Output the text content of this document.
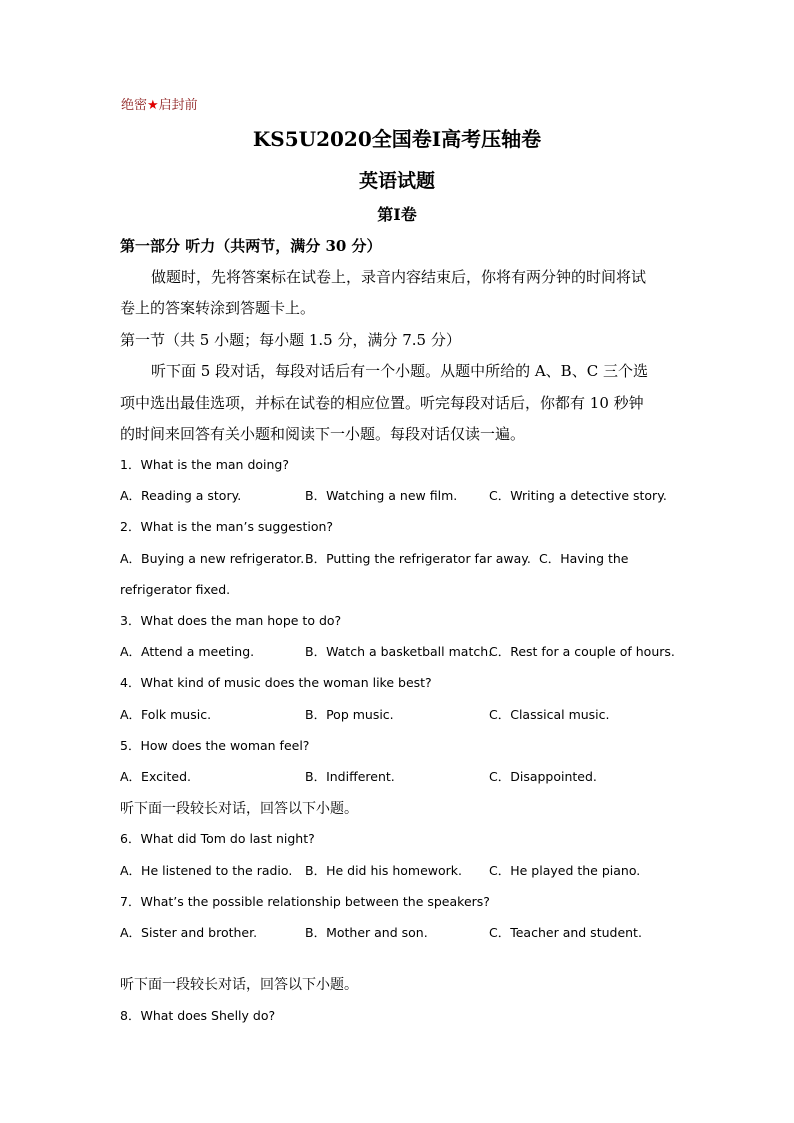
绝密★启封前
KS5U2020全国卷Ⅰ高考压轴卷
英语试题
第Ⅰ卷
第一部分 听力（共两节，满分 30 分）
做题时，先将答案标在试卷上，录音内容结束后，你将有两分钟的时间将试
卷上的答案转涂到答题卡上。
第一节（共 5 小题；每小题 1.5 分，满分 7.5 分）
听下面 5 段对话，每段对话后有一个小题。从题中所给的 A、B、C 三个选
项中选出最佳选项，并标在试卷的相应位置。听完每段对话后，你都有 10 秒钟
的时间来回答有关小题和阅读下一小题。每段对话仅读一遍。
1．What is the man doing?
A．Reading a story.	B．Watching a new film.	C．Writing a detective story.
2．What is the man’s suggestion?
A．Buying a new refrigerator. B．Putting the refrigerator far away. C．Having the
refrigerator fixed.
3．What does the man hope to do?
A．Attend a meeting.	B．Watch a basketball match.
C．Rest for a couple of hours.
4．What kind of music does the woman like best?
A．Folk music.	B．Pop music.	C．Classical music.
5．How does the woman feel?
A．Excited.	B．Indifferent.	C．Disappointed.
听下面一段较长对话，回答以下小题。
6．What did Tom do last night?
A．He listened to the radio. B．He did his homework. C．He played the piano.
7．What’s the possible relationship between the speakers?
A．Sister and brother.	B．Mother and son.	C．Teacher and student.
听下面一段较长对话，回答以下小题。
8．What does Shelly do?
